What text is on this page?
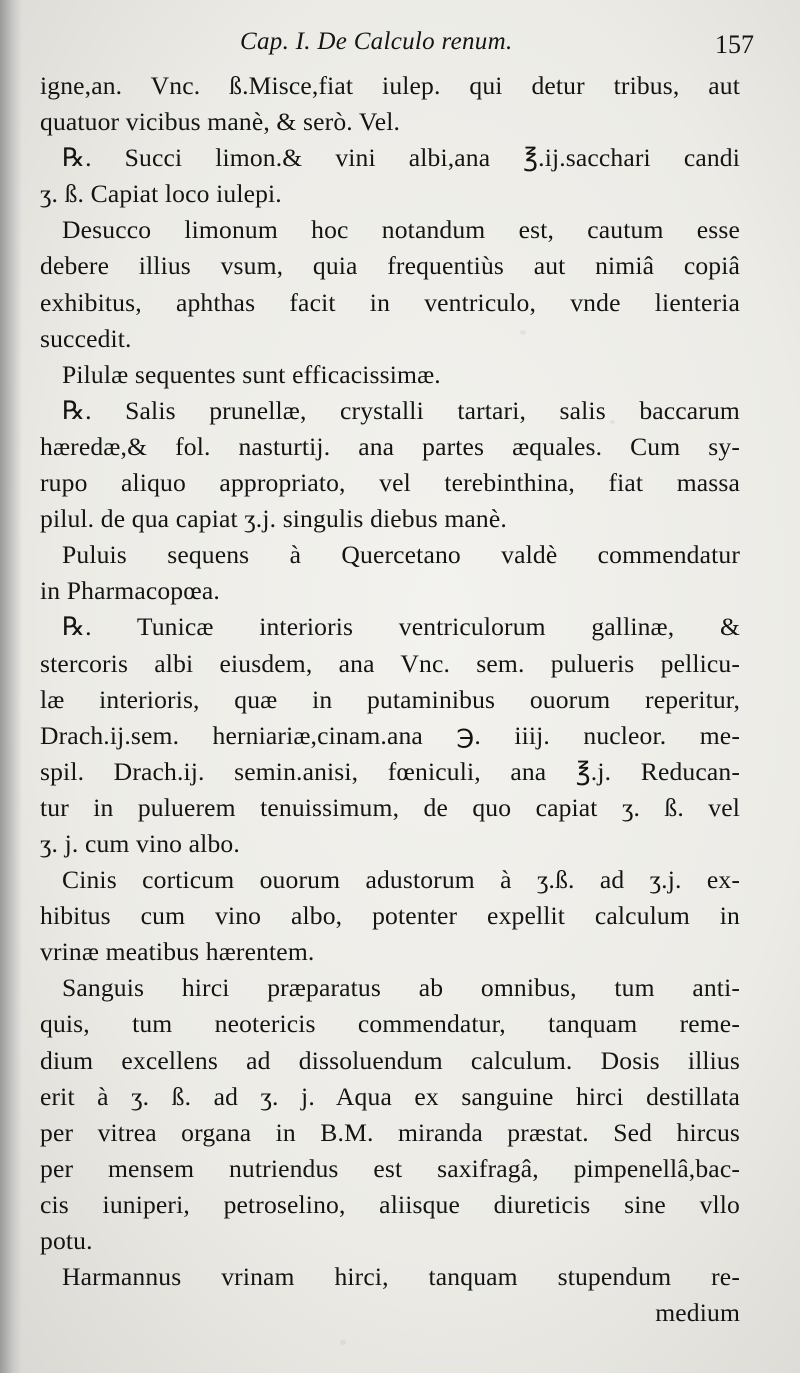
Cap. I. De Calculo renum.	157
igne,an. Vnc. ß.Misce,fiat iulep. qui detur tribus, aut
quatuor vicibus manè, & serò. Vel.
℞. Succi limon.& vini albi,ana ℥.ij.sacchari candi
ʒ. ß. Capiat loco iulepi.
Desucco limonum hoc notandum est, cautum esse
debere illius vsum, quia frequentiùs aut nimiâ copiâ
exhibitus, aphthas facit in ventriculo, vnde lienteria
succedit.
Pilulæ sequentes sunt efficacissimæ.
℞. Salis prunellæ, crystalli tartari, salis baccarum
hæredæ,& fol. nasturtij. ana partes æquales. Cum sy-
rupo aliquo appropriato, vel terebinthina, fiat massa
pilul. de qua capiat ʒ.j. singulis diebus manè.
Puluis sequens à Quercetano valdè commendatur
in Pharmacopœa.
℞. Tunicæ interioris ventriculorum gallinæ, &
stercoris albi eiusdem, ana Vnc. sem. pulueris pellicu-
læ interioris, quæ in putaminibus ouorum reperitur,
Drach.ij.sem. herniariæ,cinam.ana ℈. iiij. nucleor. me-
spil. Drach.ij. semin.anisi, fœniculi, ana ℥.j. Reducan-
tur in puluerem tenuissimum, de quo capiat ʒ. ß. vel
ʒ. j. cum vino albo.
Cinis corticum ouorum adustorum à ʒ.ß. ad ʒ.j. ex-
hibitus cum vino albo, potenter expellit calculum in
vrinæ meatibus hærentem.
Sanguis hirci præparatus ab omnibus, tum anti-
quis, tum neotericis commendatur, tanquam reme-
dium excellens ad dissoluendum calculum. Dosis illius
erit à ʒ. ß. ad ʒ. j. Aqua ex sanguine hirci destillata
per vitrea organa in B.M. miranda præstat. Sed hircus
per mensem nutriendus est saxifragâ, pimpenellâ,bac-
cis iuniperi, petroselino, aliisque diureticis sine vllo
potu.
Harmannus vrinam hirci, tanquam stupendum re-
medium
